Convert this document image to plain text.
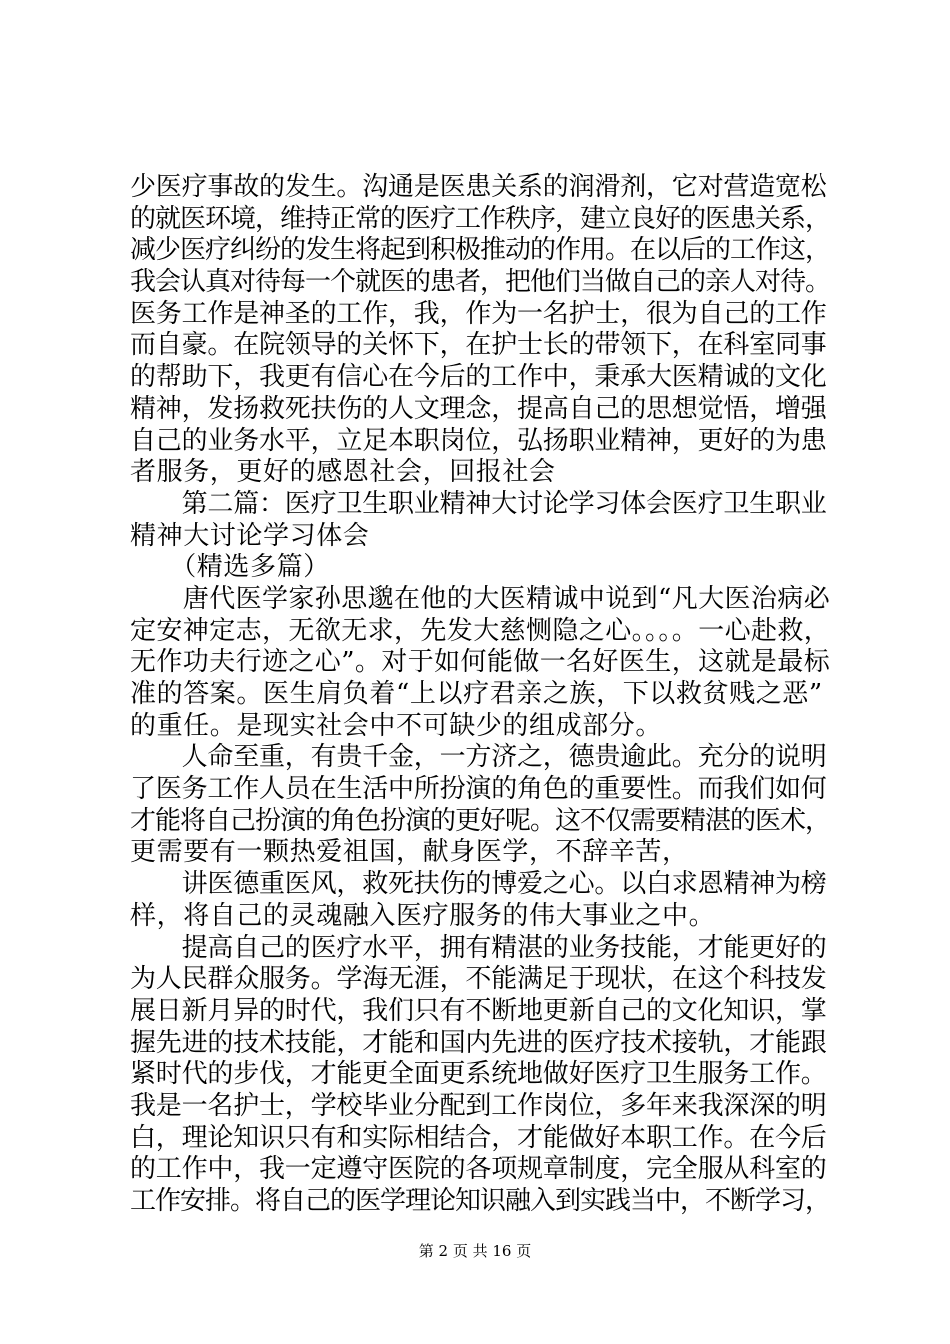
少医疗事故的发生。沟通是医患关系的润滑剂，它对营造宽松
的就医环境，维持正常的医疗工作秩序，建立良好的医患关系，
减少医疗纠纷的发生将起到积极推动的作用。在以后的工作这，
我会认真对待每一个就医的患者，把他们当做自己的亲人对待。
医务工作是神圣的工作，我，作为一名护士，很为自己的工作
而自豪。在院领导的关怀下，在护士长的带领下，在科室同事
的帮助下，我更有信心在今后的工作中，秉承大医精诚的文化
精神，发扬救死扶伤的人文理念，提高自己的思想觉悟，增强
自己的业务水平，立足本职岗位，弘扬职业精神，更好的为患
者服务，更好的感恩社会，回报社会
　　第二篇：医疗卫生职业精神大讨论学习体会医疗卫生职业
精神大讨论学习体会
　　（精选多篇）
　　唐代医学家孙思邈在他的大医精诚中说到“凡大医治病必
定安神定志，无欲无求，先发大慈恻隐之心。。。。一心赴救，
无作功夫行迹之心”。对于如何能做一名好医生，这就是最标
准的答案。医生肩负着“上以疗君亲之族，下以救贫贱之恶”
的重任。是现实社会中不可缺少的组成部分。
　　人命至重，有贵千金，一方济之，德贵逾此。充分的说明
了医务工作人员在生活中所扮演的角色的重要性。而我们如何
才能将自己扮演的角色扮演的更好呢。这不仅需要精湛的医术，
更需要有一颗热爱祖国，献身医学，不辞辛苦，
　　讲医德重医风，救死扶伤的博爱之心。以白求恩精神为榜
样，将自己的灵魂融入医疗服务的伟大事业之中。
　　提高自己的医疗水平，拥有精湛的业务技能，才能更好的
为人民群众服务。学海无涯，不能满足于现状，在这个科技发
展日新月异的时代，我们只有不断地更新自己的文化知识，掌
握先进的技术技能，才能和国内先进的医疗技术接轨，才能跟
紧时代的步伐，才能更全面更系统地做好医疗卫生服务工作。
我是一名护士，学校毕业分配到工作岗位，多年来我深深的明
白，理论知识只有和实际相结合，才能做好本职工作。在今后
的工作中，我一定遵守医院的各项规章制度，完全服从科室的
工作安排。将自己的医学理论知识融入到实践当中，不断学习，
第 2 页 共 16 页
